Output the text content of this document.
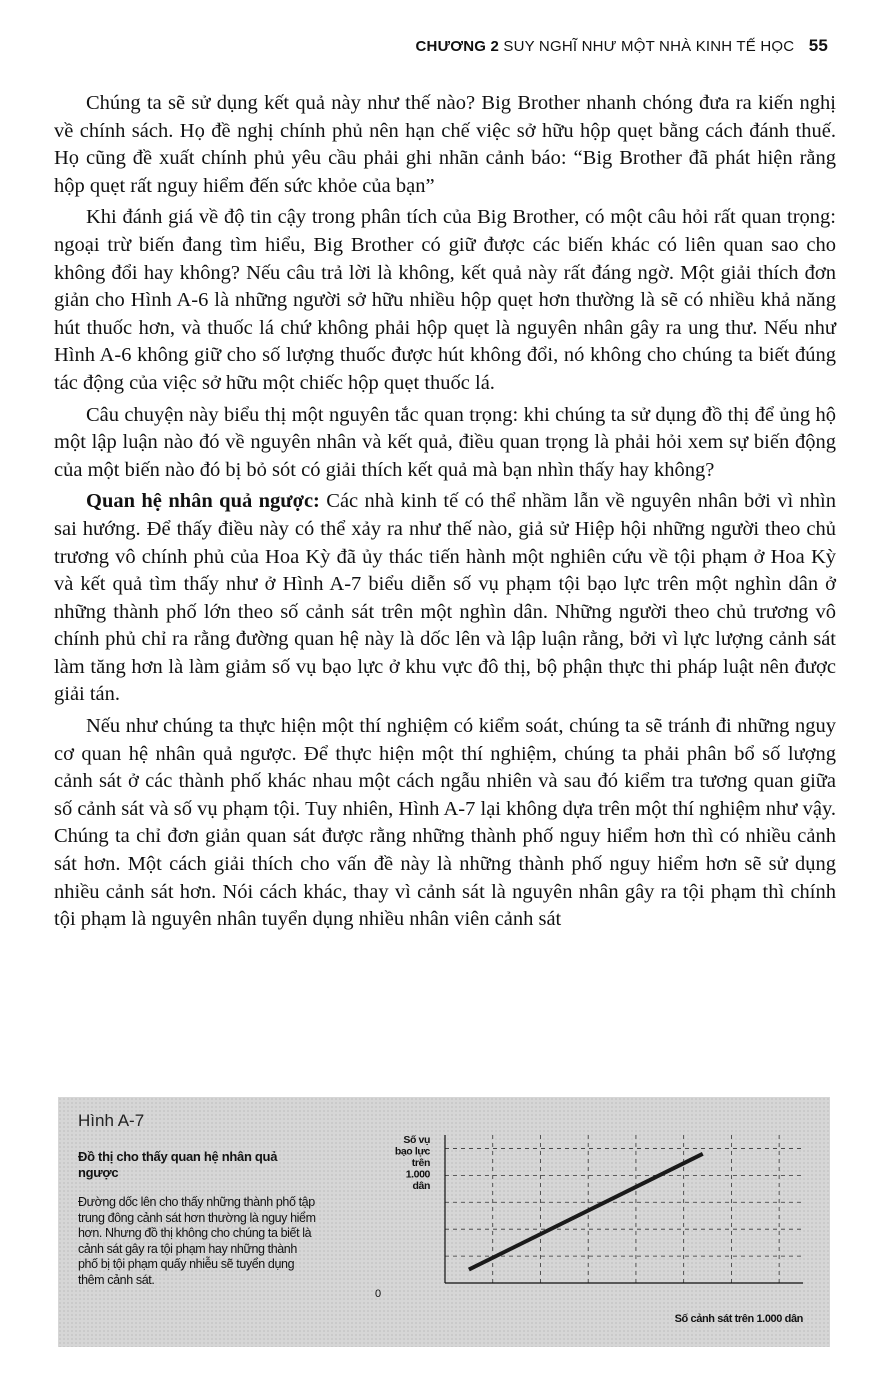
CHƯƠNG 2 SUY NGHĨ NHƯ MỘT NHÀ KINH TẾ HỌC 55

Chúng ta sẽ sử dụng kết quả này như thế nào? Big Brother nhanh chóng đưa ra kiến nghị về chính sách. Họ đề nghị chính phủ nên hạn chế việc sở hữu hộp quẹt bằng cách đánh thuế. Họ cũng đề xuất chính phủ yêu cầu phải ghi nhãn cảnh báo: “Big Brother đã phát hiện rằng hộp quẹt rất nguy hiểm đến sức khỏe của bạn”

Khi đánh giá về độ tin cậy trong phân tích của Big Brother, có một câu hỏi rất quan trọng: ngoại trừ biến đang tìm hiểu, Big Brother có giữ được các biến khác có liên quan sao cho không đổi hay không? Nếu câu trả lời là không, kết quả này rất đáng ngờ. Một giải thích đơn giản cho Hình A-6 là những người sở hữu nhiều hộp quẹt hơn thường là sẽ có nhiều khả năng hút thuốc hơn, và thuốc lá chứ không phải hộp quẹt là nguyên nhân gây ra ung thư. Nếu như Hình A-6 không giữ cho số lượng thuốc được hút không đổi, nó không cho chúng ta biết đúng tác động của việc sở hữu một chiếc hộp quẹt thuốc lá.

Câu chuyện này biểu thị một nguyên tắc quan trọng: khi chúng ta sử dụng đồ thị để ủng hộ một lập luận nào đó về nguyên nhân và kết quả, điều quan trọng là phải hỏi xem sự biến động của một biến nào đó bị bỏ sót có giải thích kết quả mà bạn nhìn thấy hay không?

Quan hệ nhân quả ngược: Các nhà kinh tế có thể nhầm lẫn về nguyên nhân bởi vì nhìn sai hướng. Để thấy điều này có thể xảy ra như thế nào, giả sử Hiệp hội những người theo chủ trương vô chính phủ của Hoa Kỳ đã ủy thác tiến hành một nghiên cứu về tội phạm ở Hoa Kỳ và kết quả tìm thấy như ở Hình A-7 biểu diễn số vụ phạm tội bạo lực trên một nghìn dân ở những thành phố lớn theo số cảnh sát trên một nghìn dân. Những người theo chủ trương vô chính phủ chỉ ra rằng đường quan hệ này là dốc lên và lập luận rằng, bởi vì lực lượng cảnh sát làm tăng hơn là làm giảm số vụ bạo lực ở khu vực đô thị, bộ phận thực thi pháp luật nên được giải tán.

Nếu như chúng ta thực hiện một thí nghiệm có kiểm soát, chúng ta sẽ tránh đi những nguy cơ quan hệ nhân quả ngược. Để thực hiện một thí nghiệm, chúng ta phải phân bổ số lượng cảnh sát ở các thành phố khác nhau một cách ngẫu nhiên và sau đó kiểm tra tương quan giữa số cảnh sát và số vụ phạm tội. Tuy nhiên, Hình A-7 lại không dựa trên một thí nghiệm như vậy. Chúng ta chỉ đơn giản quan sát được rằng những thành phố nguy hiểm hơn thì có nhiều cảnh sát hơn. Một cách giải thích cho vấn đề này là những thành phố nguy hiểm hơn sẽ sử dụng nhiều cảnh sát hơn. Nói cách khác, thay vì cảnh sát là nguyên nhân gây ra tội phạm thì chính tội phạm là nguyên nhân tuyển dụng nhiều nhân viên cảnh sát

Hình A-7
Đồ thị cho thấy quan hệ nhân quả ngược
Đường dốc lên cho thấy những thành phố tập trung đông cảnh sát hơn thường là nguy hiểm hơn. Nhưng đồ thị không cho chúng ta biết là cảnh sát gây ra tội phạm hay những thành phố bị tội phạm quấy nhiễu sẽ tuyển dụng thêm cảnh sát.
Số vụ
bạo lực
trên
1.000
dân
0
Số cảnh sát trên 1.000 dân
